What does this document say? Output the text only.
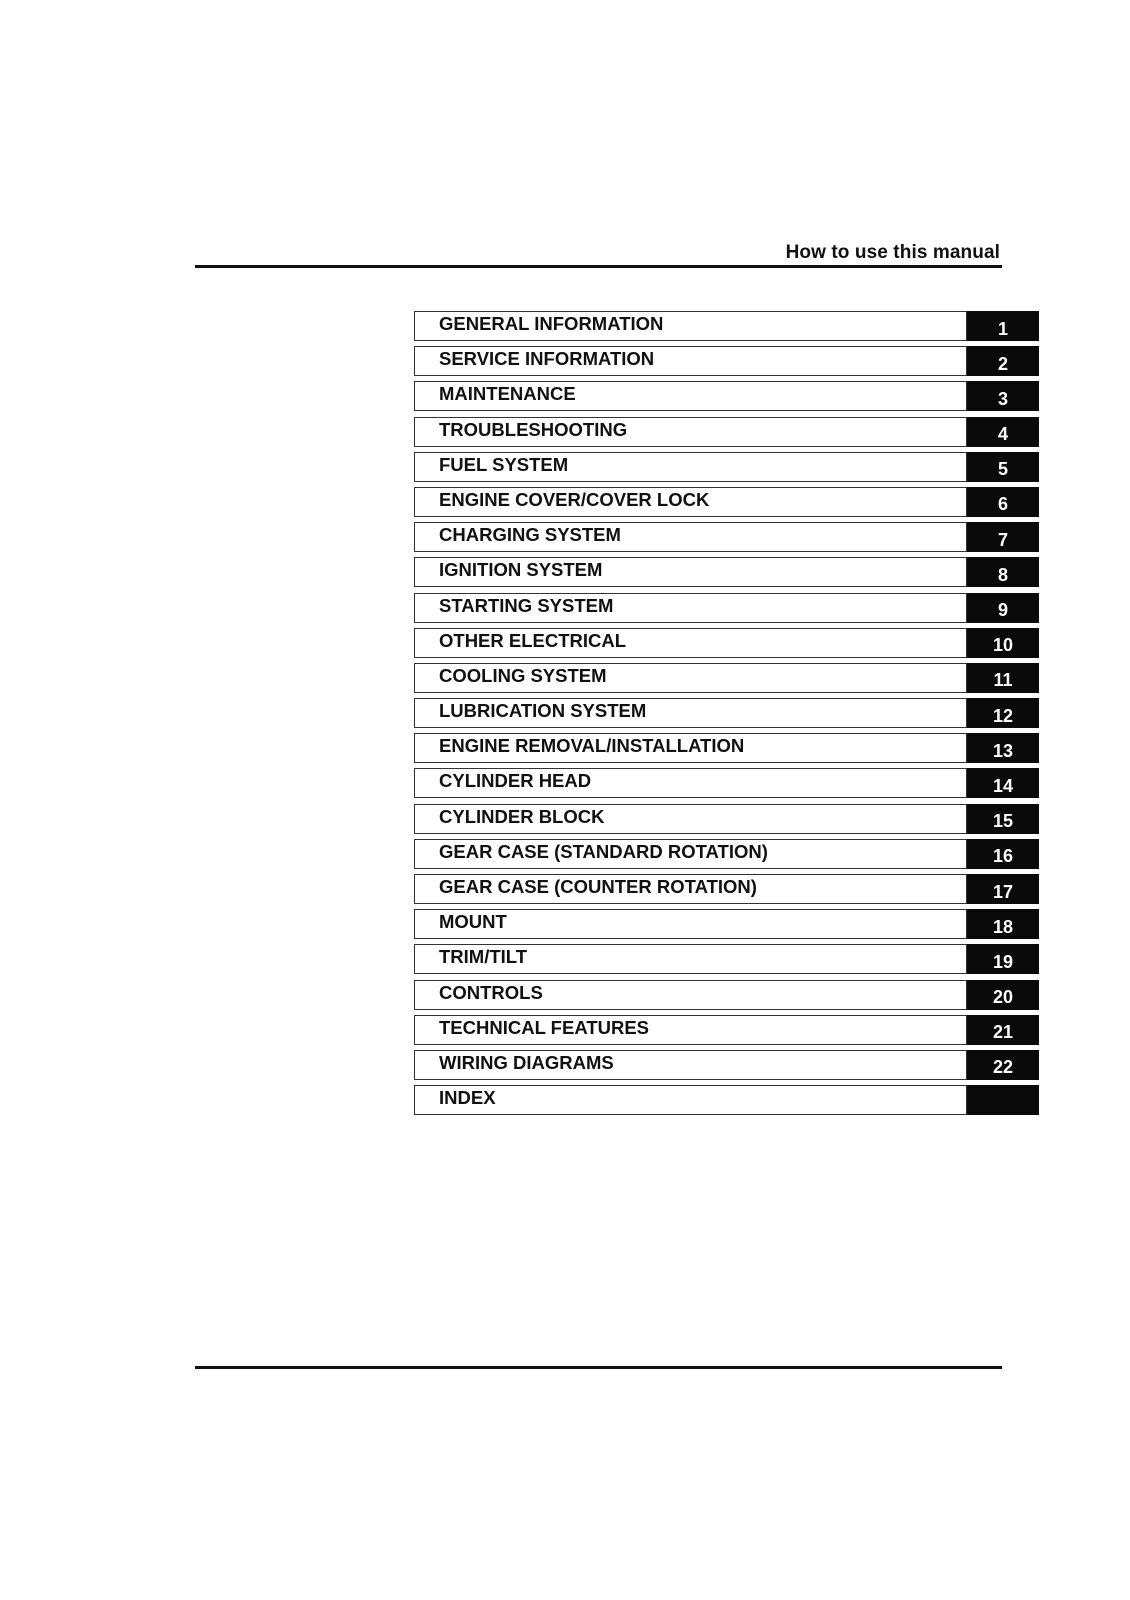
How to use this manual
GENERAL INFORMATION	1
SERVICE INFORMATION	2
MAINTENANCE	3
TROUBLESHOOTING	4
FUEL SYSTEM	5
ENGINE COVER/COVER LOCK	6
CHARGING SYSTEM	7
IGNITION SYSTEM	8
STARTING SYSTEM	9
OTHER ELECTRICAL	10
COOLING SYSTEM	11
LUBRICATION SYSTEM	12
ENGINE REMOVAL/INSTALLATION	13
CYLINDER HEAD	14
CYLINDER BLOCK	15
GEAR CASE (STANDARD ROTATION)	16
GEAR CASE (COUNTER ROTATION)	17
MOUNT	18
TRIM/TILT	19
CONTROLS	20
TECHNICAL FEATURES	21
WIRING DIAGRAMS	22
INDEX
